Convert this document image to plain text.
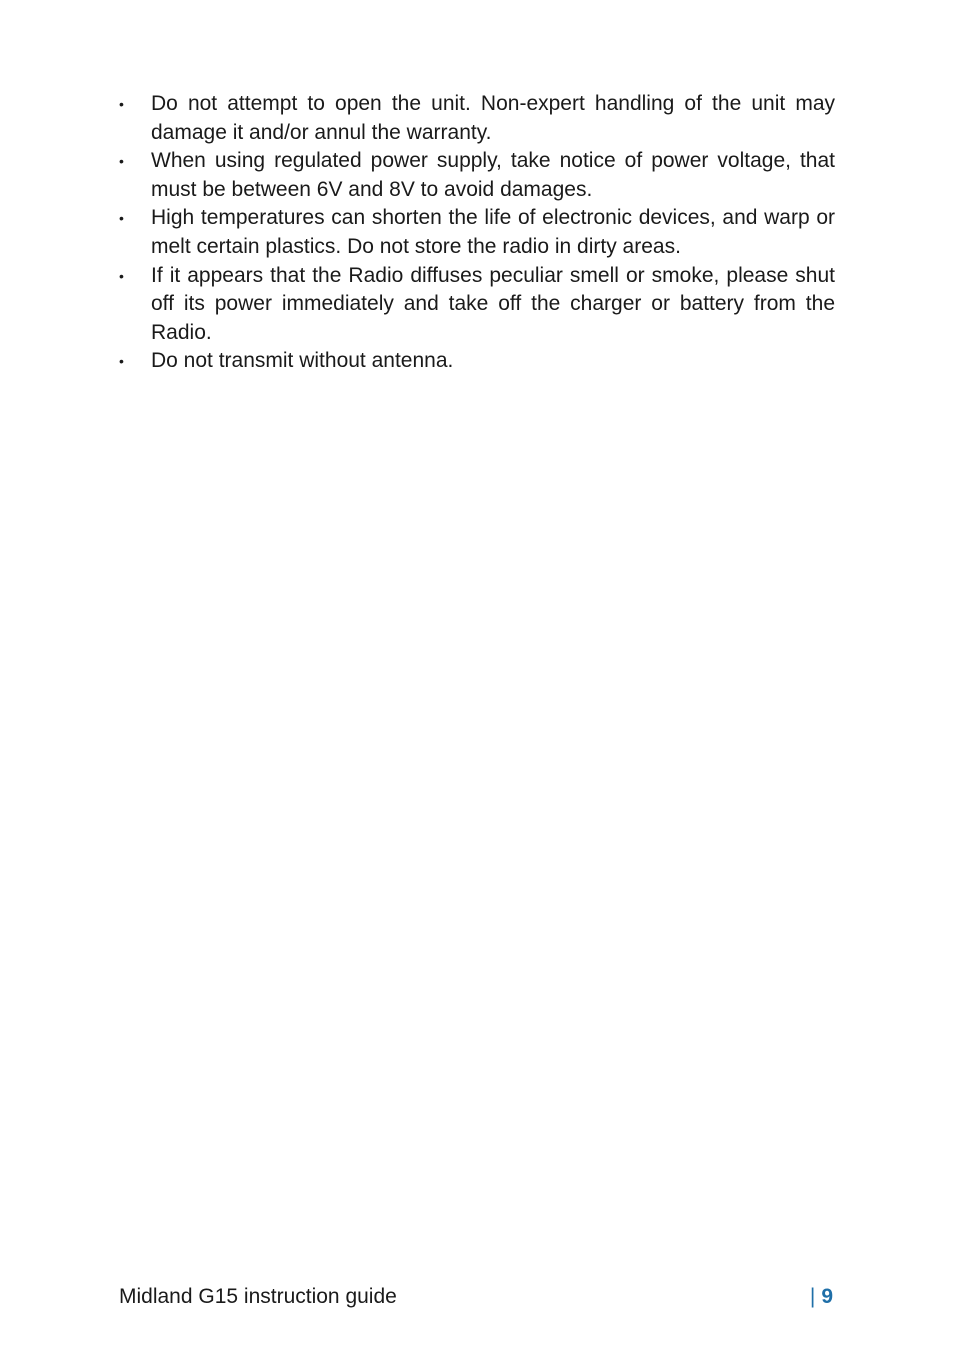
• Do not attempt to open the unit. Non-expert handling of the unit may damage it and/or annul the warranty.
• When using regulated power supply, take notice of power voltage, that must be between 6V and 8V to avoid damages.
• High temperatures can shorten the life of electronic devices, and warp or melt certain plastics. Do not store the radio in dirty areas.
• If it appears that the Radio diffuses peculiar smell or smoke, please shut off its power immediately and take off the charger or battery from the Radio.
• Do not transmit without antenna.
Midland G15 instruction guide	| 9
